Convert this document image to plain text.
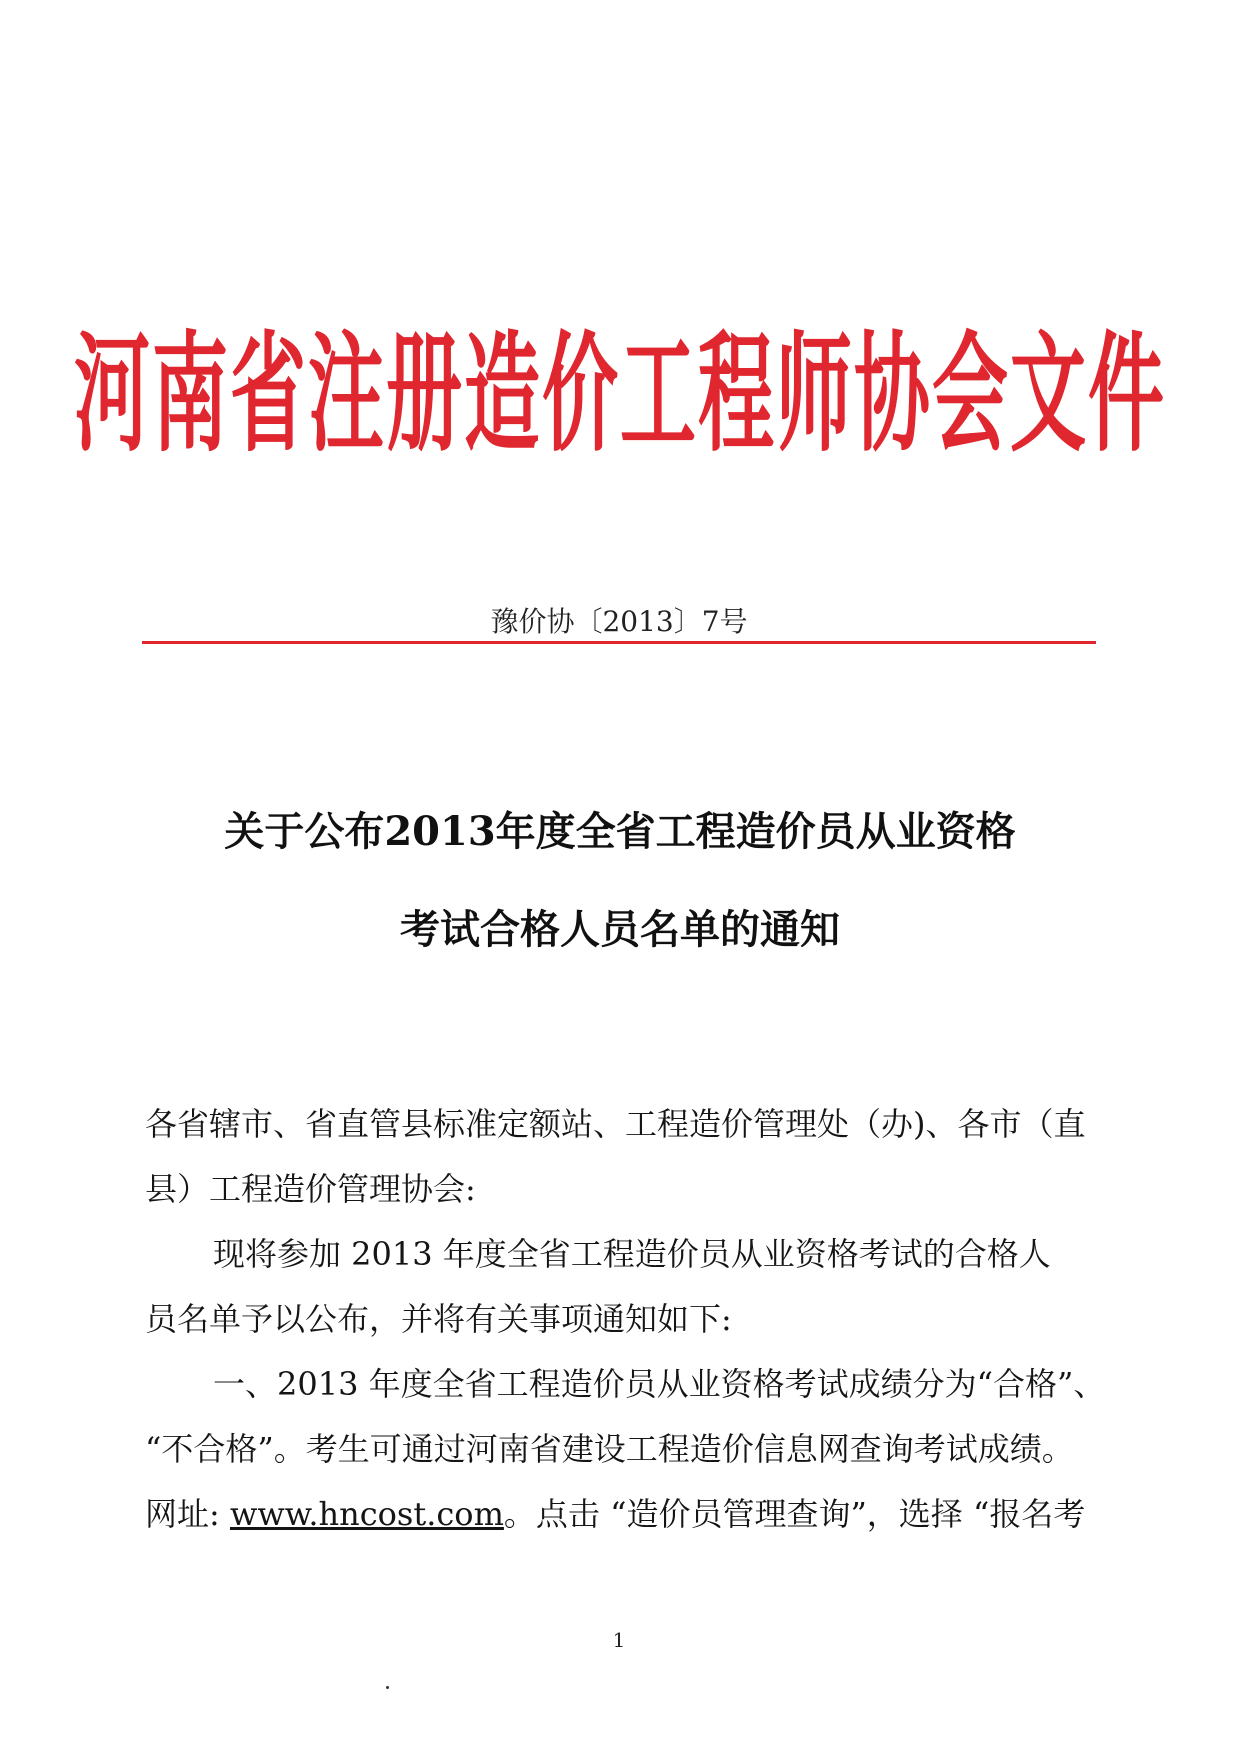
河南省注册造价工程师协会文件
豫价协〔2013〕7号
关于公布2013年度全省工程造价员从业资格
考试合格人员名单的通知
各省辖市、省直管县标准定额站、工程造价管理处（办)、各市（直
县）工程造价管理协会:
现将参加 2013 年度全省工程造价员从业资格考试的合格人
员名单予以公布，并将有关事项通知如下:
一、2013 年度全省工程造价员从业资格考试成绩分为“合格”、
“不合格”。考生可通过河南省建设工程造价信息网查询考试成绩。
网址: www.hncost.com。点击 “造价员管理查询”，选择 “报名考
1
